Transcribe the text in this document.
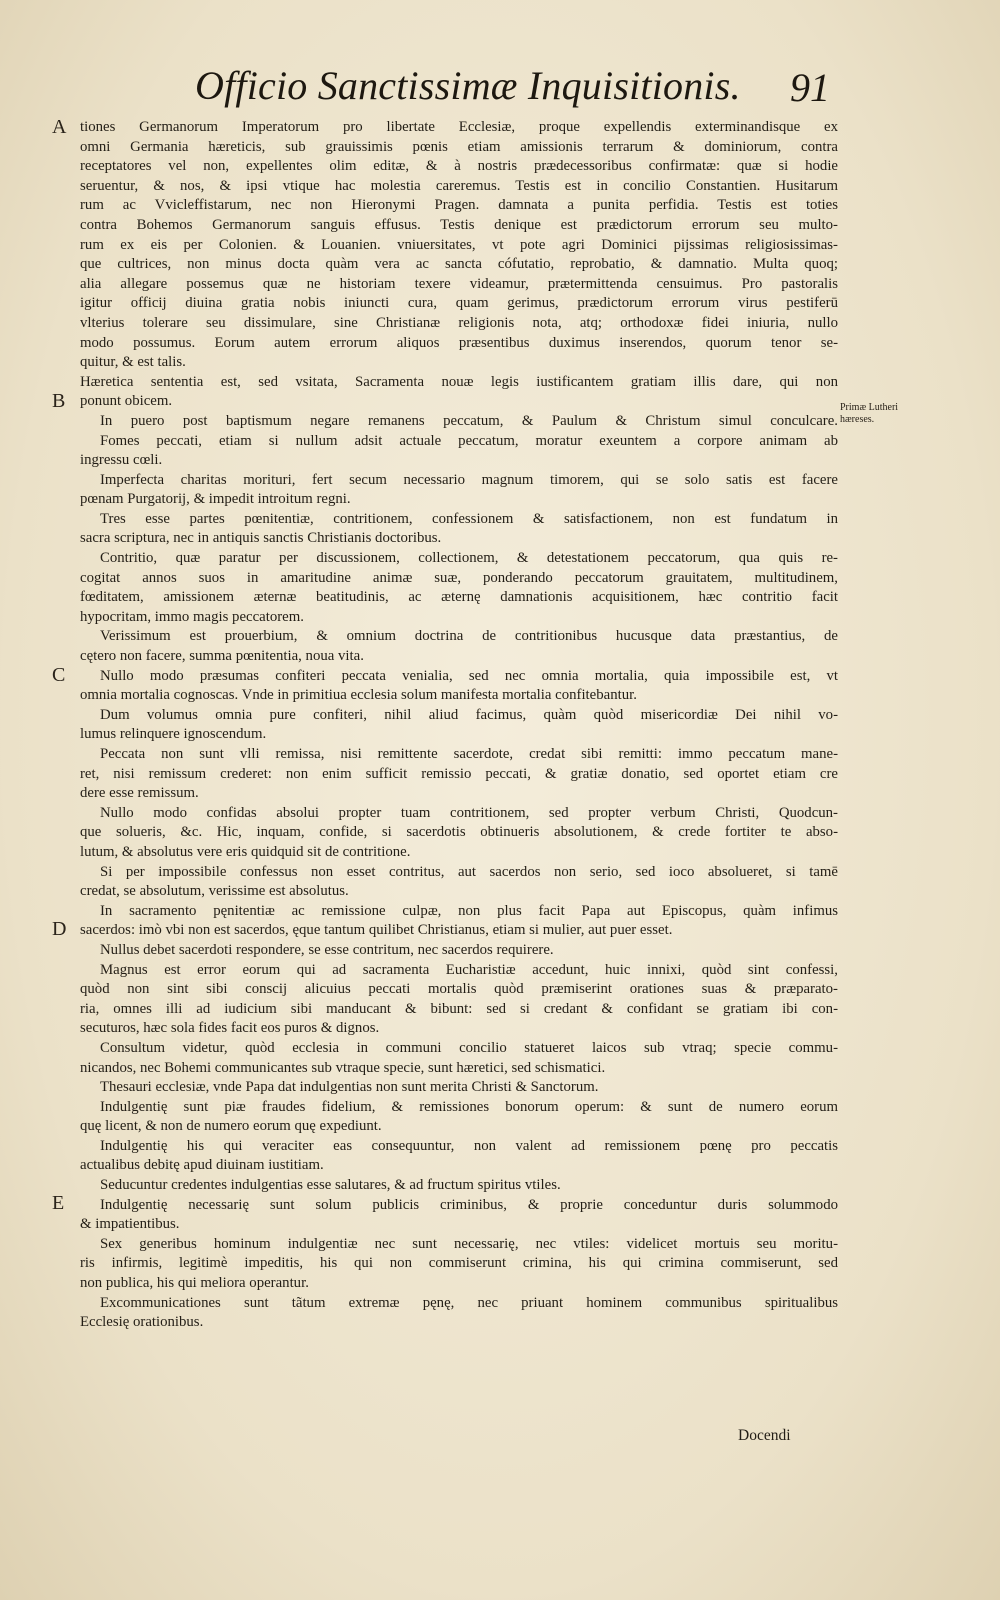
Officio Sanctissimæ Inquisitionis. 91
A
B
C
D
E
Primæ Lutheri
hæreses.
tiones Germanorum Imperatorum pro libertate Ecclesiæ, proque expellendis exterminandisque ex
omni Germania hæreticis, sub grauissimis pœnis etiam amissionis terrarum & dominiorum, contra
receptatores vel non, expellentes olim editæ, & à nostris prædecessoribus confirmatæ: quæ si hodie
seruentur, & nos, & ipsi vtique hac molestia careremus. Testis est in concilio Constantien. Husitarum
rum ac Vvicleffistarum, nec non Hieronymi Pragen. damnata a punita perfidia. Testis est toties
contra Bohemos Germanorum sanguis effusus. Testis denique est prædictorum errorum seu multo-
rum ex eis per Colonien. & Louanien. vniuersitates, vt pote agri Dominici pijssimas religiosissimas-
que cultrices, non minus docta quàm vera ac sancta cófutatio, reprobatio, & damnatio. Multa quoq;
alia allegare possemus quæ ne historiam texere videamur, prætermittenda censuimus. Pro pastoralis
igitur officij diuina gratia nobis iniuncti cura, quam gerimus, prædictorum errorum virus pestiferū
vlterius tolerare seu dissimulare, sine Christianæ religionis nota, atq; orthodoxæ fidei iniuria, nullo
modo possumus. Eorum autem errorum aliquos præsentibus duximus inserendos, quorum tenor se-
quitur, & est talis.
Hæretica sententia est, sed vsitata, Sacramenta nouæ legis iustificantem gratiam illis dare, qui non
ponunt obicem.
In puero post baptismum negare remanens peccatum, & Paulum & Christum simul conculcare.
Fomes peccati, etiam si nullum adsit actuale peccatum, moratur exeuntem a corpore animam ab
ingressu cœli.
Imperfecta charitas morituri, fert secum necessario magnum timorem, qui se solo satis est facere
pœnam Purgatorij, & impedit introitum regni.
Tres esse partes pœnitentiæ, contritionem, confessionem & satisfactionem, non est fundatum in
sacra scriptura, nec in antiquis sanctis Christianis doctoribus.
Contritio, quæ paratur per discussionem, collectionem, & detestationem peccatorum, qua quis re-
cogitat annos suos in amaritudine animæ suæ, ponderando peccatorum grauitatem, multitudinem,
fœditatem, amissionem æternæ beatitudinis, ac æternę damnationis acquisitionem, hæc contritio facit
hypocritam, immo magis peccatorem.
Verissimum est prouerbium, & omnium doctrina de contritionibus hucusque data præstantius, de
cętero non facere, summa pœnitentia, noua vita.
Nullo modo præsumas confiteri peccata venialia, sed nec omnia mortalia, quia impossibile est, vt
omnia mortalia cognoscas. Vnde in primitiua ecclesia solum manifesta mortalia confitebantur.
Dum volumus omnia pure confiteri, nihil aliud facimus, quàm quòd misericordiæ Dei nihil vo-
lumus relinquere ignoscendum.
Peccata non sunt vlli remissa, nisi remittente sacerdote, credat sibi remitti: immo peccatum mane-
ret, nisi remissum crederet: non enim sufficit remissio peccati, & gratiæ donatio, sed oportet etiam cre
dere esse remissum.
Nullo modo confidas absolui propter tuam contritionem, sed propter verbum Christi, Quodcun-
que solueris, &c. Hic, inquam, confide, si sacerdotis obtinueris absolutionem, & crede fortiter te abso-
lutum, & absolutus vere eris quidquid sit de contritione.
Si per impossibile confessus non esset contritus, aut sacerdos non serio, sed ioco absolueret, si tamē
credat, se absolutum, verissime est absolutus.
In sacramento pęnitentiæ ac remissione culpæ, non plus facit Papa aut Episcopus, quàm infimus
sacerdos: imò vbi non est sacerdos, ęque tantum quilibet Christianus, etiam si mulier, aut puer esset.
Nullus debet sacerdoti respondere, se esse contritum, nec sacerdos requirere.
Magnus est error eorum qui ad sacramenta Eucharistiæ accedunt, huic innixi, quòd sint confessi,
quòd non sint sibi conscij alicuius peccati mortalis quòd præmiserint orationes suas & præparato-
ria, omnes illi ad iudicium sibi manducant & bibunt: sed si credant & confidant se gratiam ibi con-
secuturos, hæc sola fides facit eos puros & dignos.
Consultum videtur, quòd ecclesia in communi concilio statueret laicos sub vtraq; specie commu-
nicandos, nec Bohemi communicantes sub vtraque specie, sunt hæretici, sed schismatici.
Thesauri ecclesiæ, vnde Papa dat indulgentias non sunt merita Christi & Sanctorum.
Indulgentię sunt piæ fraudes fidelium, & remissiones bonorum operum: & sunt de numero eorum
quę licent, & non de numero eorum quę expediunt.
Indulgentię his qui veraciter eas consequuntur, non valent ad remissionem pœnę pro peccatis
actualibus debitę apud diuinam iustitiam.
Seducuntur credentes indulgentias esse salutares, & ad fructum spiritus vtiles.
Indulgentię necessarię sunt solum publicis criminibus, & proprie conceduntur duris solummodo
& impatientibus.
Sex generibus hominum indulgentiæ nec sunt necessarię, nec vtiles: videlicet mortuis seu moritu-
ris infirmis, legitimè impeditis, his qui non commiserunt crimina, his qui crimina commiserunt, sed
non publica, his qui meliora operantur.
Excommunicationes sunt tãtum extremæ pęnę, nec priuant hominem communibus spiritualibus
Ecclesię orationibus.
Docendi
